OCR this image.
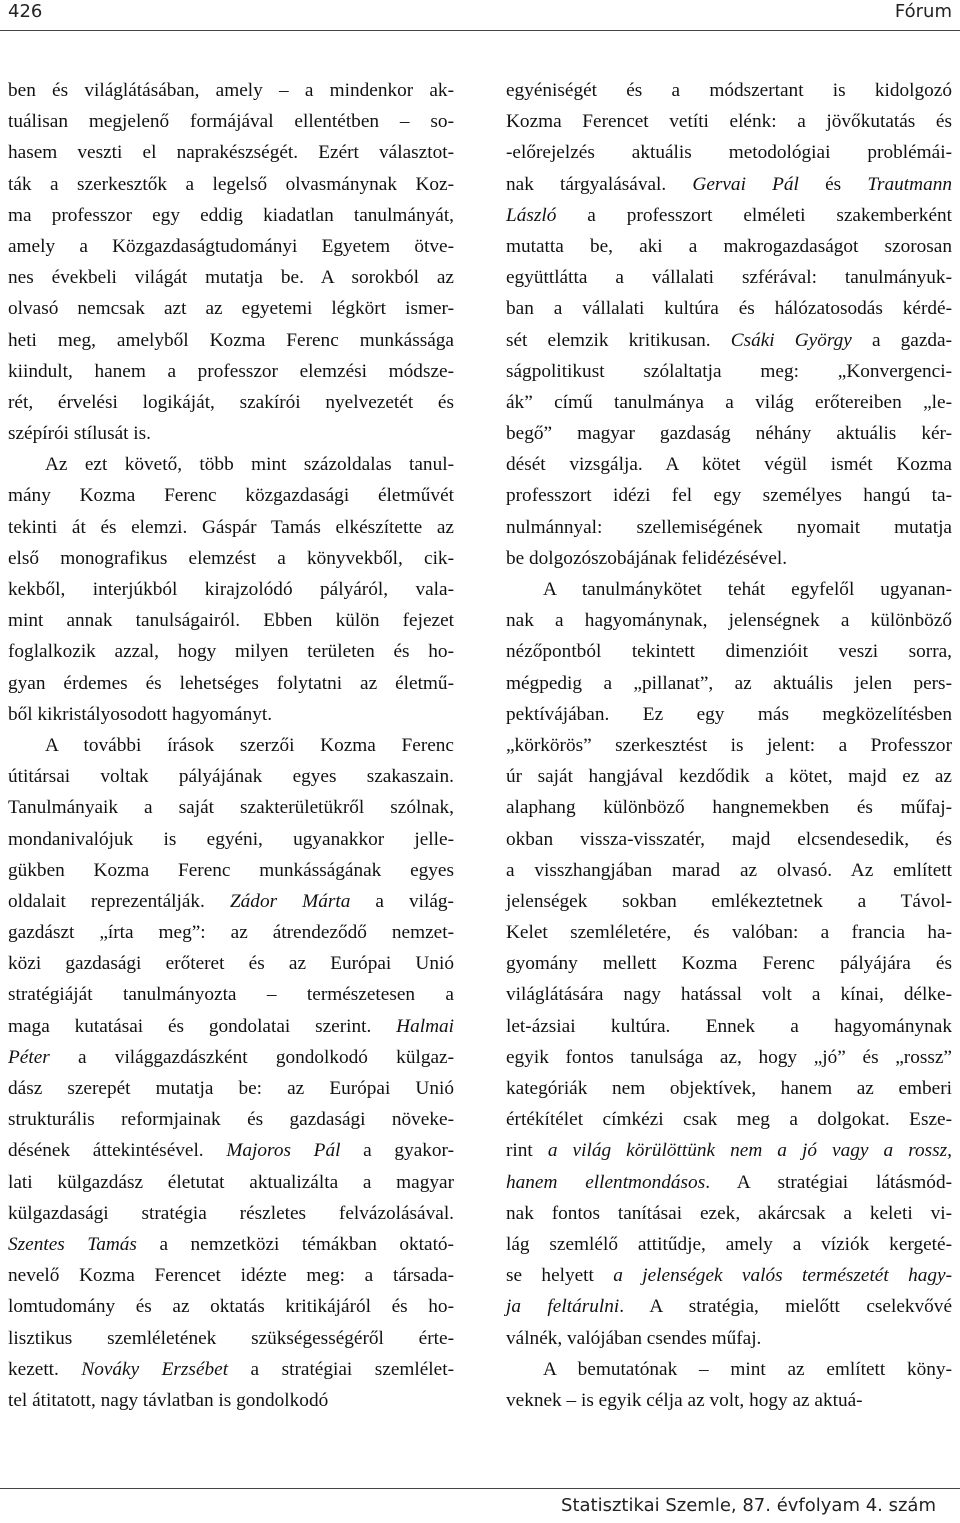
426	Fórum
ben és világlátásában, amely – a mindenkor ak-
tuálisan megjelenő formájával ellentétben – so-
hasem veszti el naprakészségét. Ezért választot-
ták a szerkesztők a legelső olvasmánynak Koz-
ma professzor egy eddig kiadatlan tanulmányát,
amely a Közgazdaságtudományi Egyetem ötve-
nes évekbeli világát mutatja be. A sorokból az
olvasó nemcsak azt az egyetemi légkört ismer-
heti meg, amelyből Kozma Ferenc munkássága
kiindult, hanem a professzor elemzési módsze-
rét, érvelési logikáját, szakírói nyelvezetét és
szépírói stílusát is.
Az ezt követő, több mint százoldalas tanul-
mány Kozma Ferenc közgazdasági életművét
tekinti át és elemzi. Gáspár Tamás elkészítette az
első monografikus elemzést a könyvekből, cik-
kekből, interjúkból kirajzolódó pályáról, vala-
mint annak tanulságairól. Ebben külön fejezet
foglalkozik azzal, hogy milyen területen és ho-
gyan érdemes és lehetséges folytatni az életmű-
ből kikristályosodott hagyományt.
A további írások szerzői Kozma Ferenc
útitársai voltak pályájának egyes szakaszain.
Tanulmányaik a saját szakterületükről szólnak,
mondanivalójuk is egyéni, ugyanakkor jelle-
gükben Kozma Ferenc munkásságának egyes
oldalait reprezentálják. Zádor Márta a világ-
gazdászt „írta meg”: az átrendeződő nemzet-
közi gazdasági erőteret és az Európai Unió
stratégiáját tanulmányozta – természetesen a
maga kutatásai és gondolatai szerint. Halmai
Péter a világgazdászként gondolkodó külgaz-
dász szerepét mutatja be: az Európai Unió
strukturális reformjainak és gazdasági növeke-
désének áttekintésével. Majoros Pál a gyakor-
lati külgazdász életutat aktualizálta a magyar
külgazdasági stratégia részletes felvázolásával.
Szentes Tamás a nemzetközi témákban oktató-
nevelő Kozma Ferencet idézte meg: a társada-
lomtudomány és az oktatás kritikájáról és ho-
lisztikus szemléletének szükségességéről érte-
kezett. Nováky Erzsébet a stratégiai szemlélet-
tel átitatott, nagy távlatban is gondolkodó
egyéniségét és a módszertant is kidolgozó
Kozma Ferencet vetíti elénk: a jövőkutatás és
-előrejelzés aktuális metodológiai problémái-
nak tárgyalásával. Gervai Pál és Trautmann
László a professzort elméleti szakemberként
mutatta be, aki a makrogazdaságot szorosan
együttlátta a vállalati szférával: tanulmányuk-
ban a vállalati kultúra és hálózatosodás kérdé-
sét elemzik kritikusan. Csáki György a gazda-
ságpolitikust szólaltatja meg: „Konvergenci-
ák” című tanulmánya a világ erőtereiben „le-
begő” magyar gazdaság néhány aktuális kér-
dését vizsgálja. A kötet végül ismét Kozma
professzort idézi fel egy személyes hangú ta-
nulmánnyal: szellemiségének nyomait mutatja
be dolgozószobájának felidézésével.
A tanulmánykötet tehát egyfelől ugyanan-
nak a hagyománynak, jelenségnek a különböző
nézőpontból tekintett dimenzióit veszi sorra,
mégpedig a „pillanat”, az aktuális jelen pers-
pektívájában. Ez egy más megközelítésben
„körkörös” szerkesztést is jelent: a Professzor
úr saját hangjával kezdődik a kötet, majd ez az
alaphang különböző hangnemekben és műfaj-
okban vissza-visszatér, majd elcsendesedik, és
a visszhangjában marad az olvasó. Az említett
jelenségek sokban emlékeztetnek a Távol-
Kelet szemléletére, és valóban: a francia ha-
gyomány mellett Kozma Ferenc pályájára és
világlátására nagy hatással volt a kínai, délke-
let-ázsiai kultúra. Ennek a hagyománynak
egyik fontos tanulsága az, hogy „jó” és „rossz”
kategóriák nem objektívek, hanem az emberi
értékítélet címkézi csak meg a dolgokat. Esze-
rint a világ körülöttünk nem a jó vagy a rossz,
hanem ellentmondásos. A stratégiai látásmód-
nak fontos tanításai ezek, akárcsak a keleti vi-
lág szemlélő attitűdje, amely a víziók kergeté-
se helyett a jelenségek valós természetét hagy-
ja feltárulni. A stratégia, mielőtt cselekvővé
válnék, valójában csendes műfaj.
A bemutatónak – mint az említett köny-
veknek – is egyik célja az volt, hogy az aktuá-
Statisztikai Szemle, 87. évfolyam 4. szám
